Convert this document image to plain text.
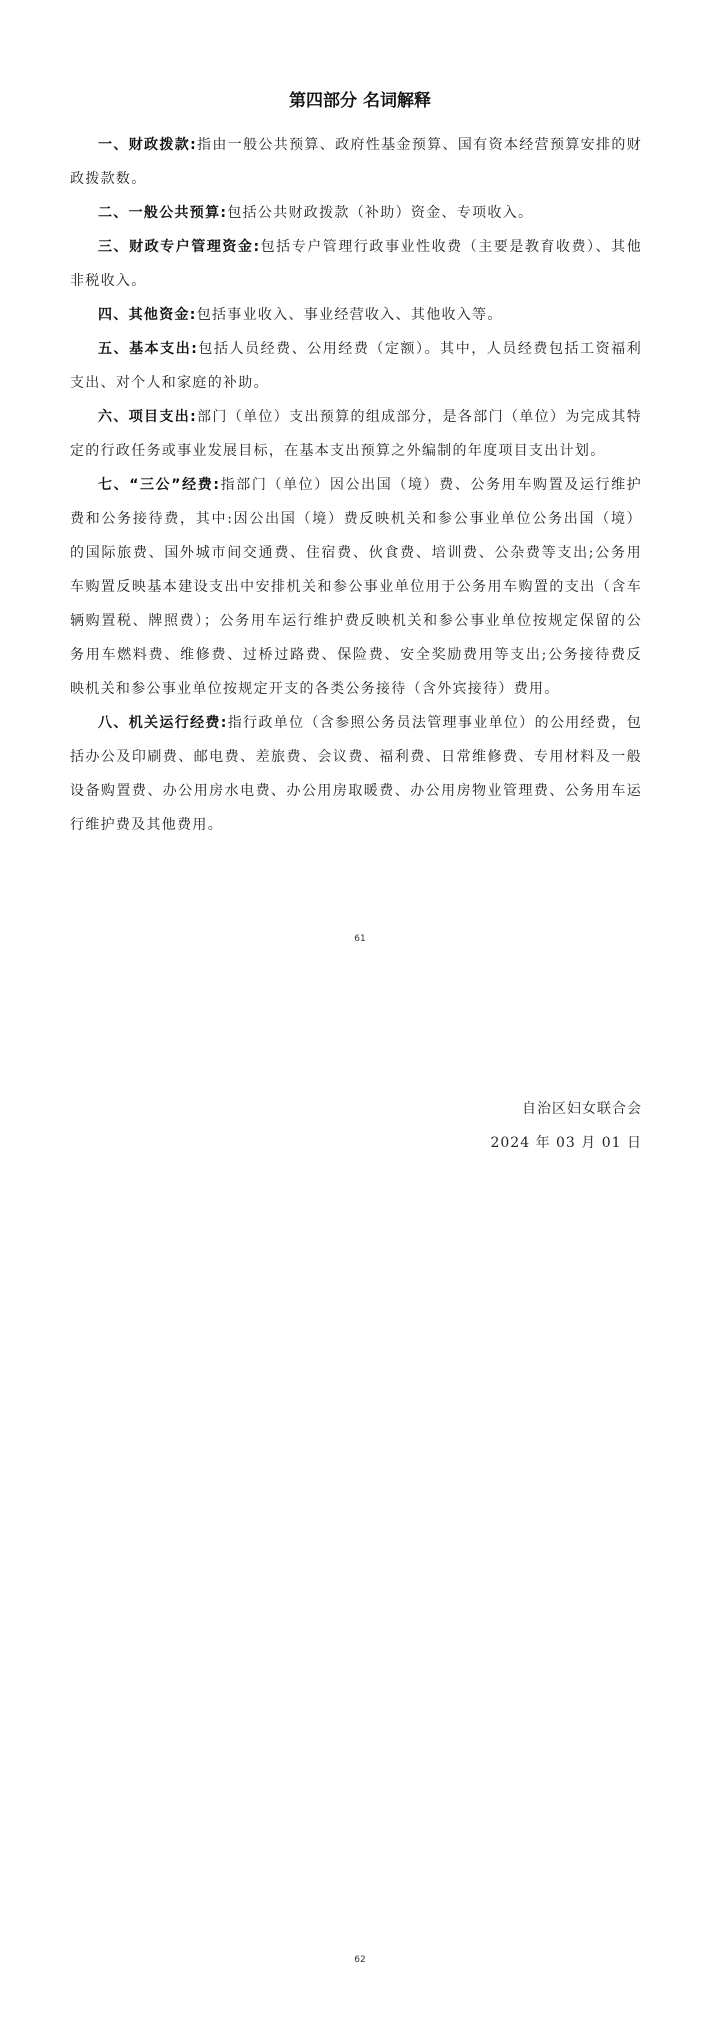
第四部分 名词解释

一、财政拨款:指由一般公共预算、政府性基金预算、国有资本经营预算安排的财政拨款数。

二、一般公共预算:包括公共财政拨款（补助）资金、专项收入。

三、财政专户管理资金:包括专户管理行政事业性收费（主要是教育收费）、其他非税收入。

四、其他资金:包括事业收入、事业经营收入、其他收入等。

五、基本支出:包括人员经费、公用经费（定额）。其中，人员经费包括工资福利支出、对个人和家庭的补助。

六、项目支出:部门（单位）支出预算的组成部分，是各部门（单位）为完成其特定的行政任务或事业发展目标，在基本支出预算之外编制的年度项目支出计划。

七、“三公”经费:指部门（单位）因公出国（境）费、公务用车购置及运行维护费和公务接待费，其中:因公出国（境）费反映机关和参公事业单位公务出国（境）的国际旅费、国外城市间交通费、住宿费、伙食费、培训费、公杂费等支出;公务用车购置反映基本建设支出中安排机关和参公事业单位用于公务用车购置的支出（含车辆购置税、牌照费）；公务用车运行维护费反映机关和参公事业单位按规定保留的公务用车燃料费、维修费、过桥过路费、保险费、安全奖励费用等支出;公务接待费反映机关和参公事业单位按规定开支的各类公务接待（含外宾接待）费用。

八、机关运行经费:指行政单位（含参照公务员法管理事业单位）的公用经费，包括办公及印刷费、邮电费、差旅费、会议费、福利费、日常维修费、专用材料及一般设备购置费、办公用房水电费、办公用房取暖费、办公用房物业管理费、公务用车运行维护费及其他费用。

61
自治区妇女联合会
2024 年 03 月 01 日
62
